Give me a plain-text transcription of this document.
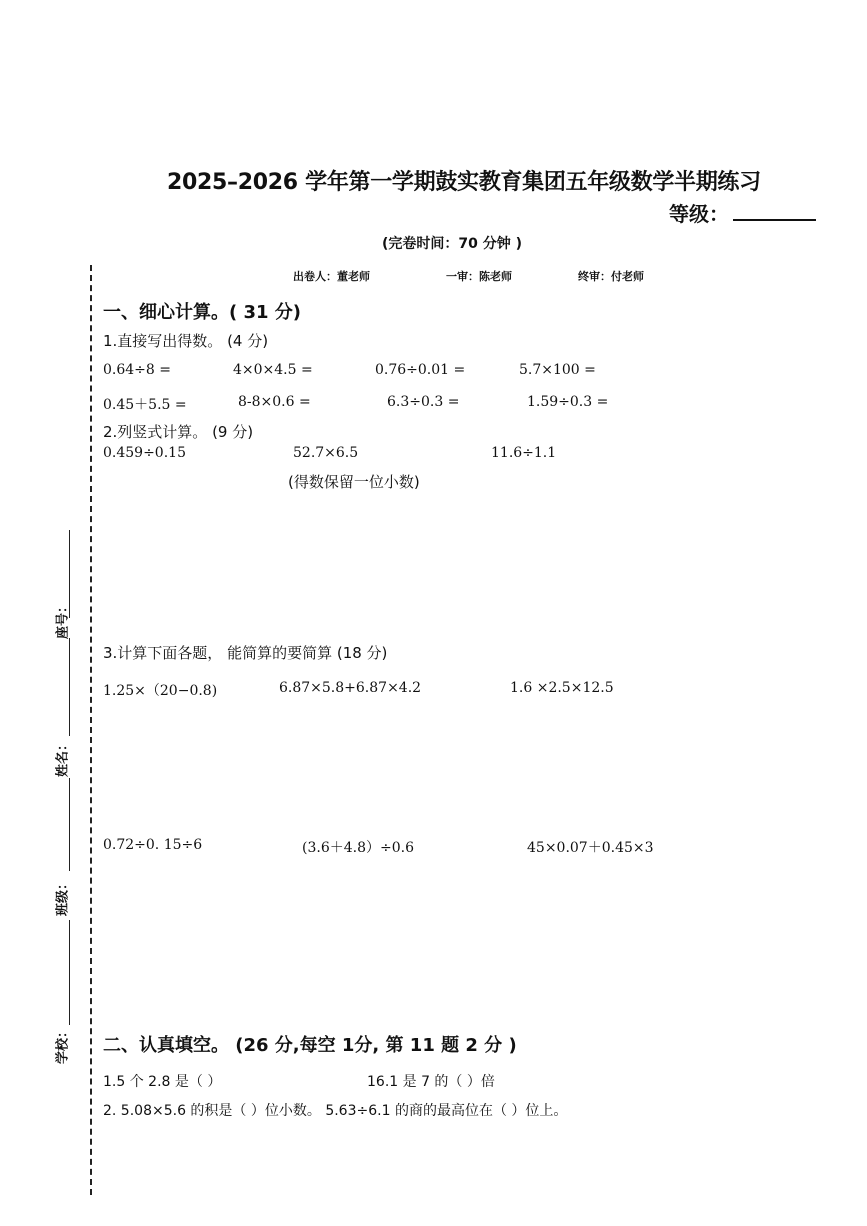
2025–2026 学年第一学期鼓实教育集团五年级数学半期练习
等级：
(完卷时间：70 分钟 )
出卷人：董老师	一审：陈老师	终审：付老师
座号：
姓名：
班级：
学校：
一、细心计算。( 31 分)
1.直接写出得数。 (4 分)
0.64÷8 =	4×0×4.5 =	0.76÷0.01 =	5.7×100 =
0.45＋5.5 =	8-8×0.6 =	6.3÷0.3 =	1.59÷0.3 =
2.列竖式计算。 (9 分)
0.459÷0.15	52.7×6.5	11.6÷1.1
(得数保留一位小数)
3.计算下面各题， 能简算的要简算 (18 分)
1.25×（20−0.8)	6.87×5.8+6.87×4.2	1.6 ×2.5×12.5
0.72÷0. 15÷6	(3.6＋4.8）÷0.6	45×0.07＋0.45×3
二、认真填空。 (26 分,每空 1分, 第 11 题 2 分 )
1.5 个 2.8 是（ ）	16.1 是 7 的（ ）倍
2. 5.08×5.6 的积是（ ）位小数。 5.63÷6.1 的商的最高位在（ ）位上。
